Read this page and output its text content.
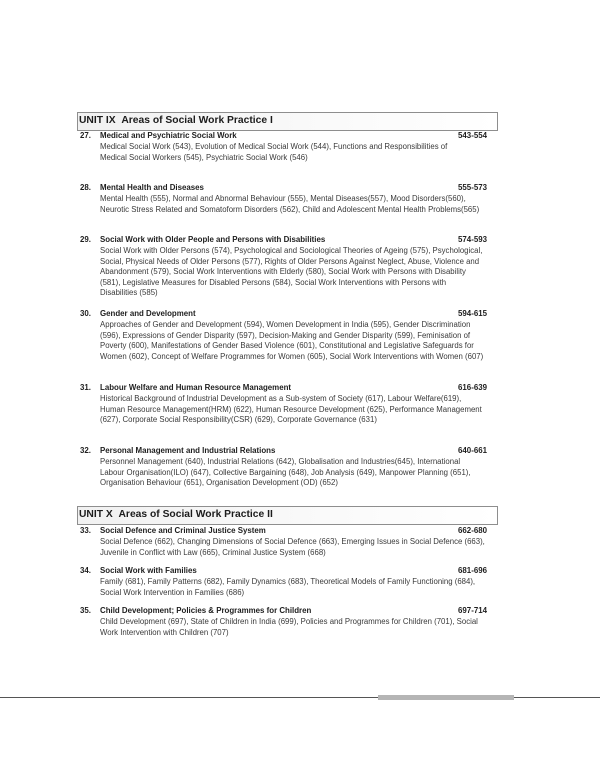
UNIT IX Areas of Social Work Practice I
27.	Medical and Psychiatric Social Work	543-554
Medical Social Work (543), Evolution of Medical Social Work (544), Functions and Responsibilities of Medical Social Workers (545), Psychiatric Social Work (546)
28.	Mental Health and Diseases	555-573
Mental Health (555), Normal and Abnormal Behaviour (555), Mental Diseases(557), Mood Disorders(560), Neurotic Stress Related and Somatoform Disorders (562), Child and Adolescent Mental Health Problems(565)
29.	Social Work with Older People and Persons with Disabilities	574-593
Social Work with Older Persons (574), Psychological and Sociological Theories of Ageing (575), Psychological, Social, Physical Needs of Older Persons (577), Rights of Older Persons Against Neglect, Abuse, Violence and Abandonment (579), Social Work Interventions with Elderly (580), Social Work with Persons with Disability (581), Legislative Measures for Disabled Persons (584), Social Work Interventions with Persons with Disabilities (585)
30.	Gender and Development	594-615
Approaches of Gender and Development (594), Women Development in India (595), Gender Discrimination (596), Expressions of Gender Disparity (597), Decision-Making and Gender Disparity (599), Feminisation of Poverty (600), Manifestations of Gender Based Violence (601), Constitutional and Legislative Safeguards for Women (602), Concept of Welfare Programmes for Women (605), Social Work Interventions with Women (607)
31.	Labour Welfare and Human Resource Management	616-639
Historical Background of Industrial Development as a Sub-system of Society (617), Labour Welfare(619), Human Resource Management(HRM) (622), Human Resource Development (625), Performance Management (627), Corporate Social Responsibility(CSR) (629), Corporate Governance (631)
32.	Personal Management and Industrial Relations	640-661
Personnel Management (640), Industrial Relations (642), Globalisation and Industries(645), International Labour Organisation(ILO) (647), Collective Bargaining (648), Job Analysis (649), Manpower Planning (651), Organisation Behaviour (651), Organisation Development (OD) (652)
UNIT X Areas of Social Work Practice II
33.	Social Defence and Criminal Justice System	662-680
Social Defence (662), Changing Dimensions of Social Defence (663), Emerging Issues in Social Defence (663), Juvenile in Conflict with Law (665), Criminal Justice System (668)
34.	Social Work with Families	681-696
Family (681), Family Patterns (682), Family Dynamics (683), Theoretical Models of Family Functioning (684), Social Work Intervention in Families (686)
35.	Child Development; Policies & Programmes for Children	697-714
Child Development (697), State of Children in India (699), Policies and Programmes for Children (701), Social Work Intervention with Children (707)
